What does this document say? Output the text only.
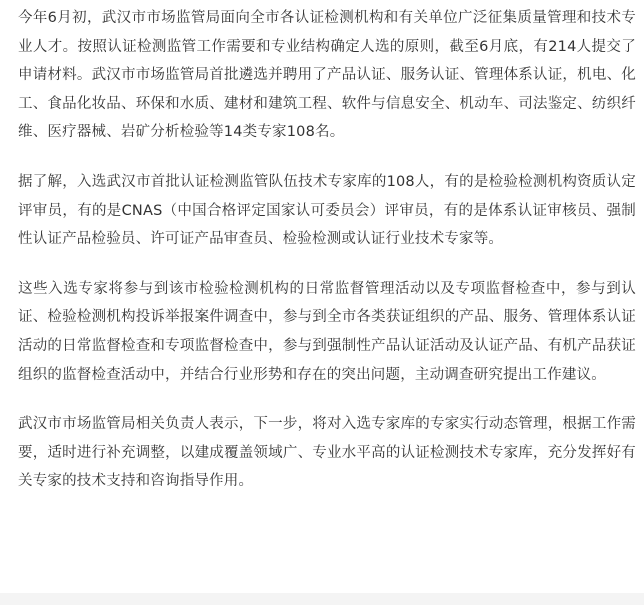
今年6月初，武汉市市场监管局面向全市各认证检测机构和有关单位广泛征集质量管理和技术专业人才。按照认证检测监管工作需要和专业结构确定人选的原则，截至6月底，有214人提交了申请材料。武汉市市场监管局首批遴选并聘用了产品认证、服务认证、管理体系认证，机电、化工、食品化妆品、环保和水质、建材和建筑工程、软件与信息安全、机动车、司法鉴定、纺织纤维、医疗器械、岩矿分析检验等14类专家108名。

据了解，入选武汉市首批认证检测监管队伍技术专家库的108人，有的是检验检测机构资质认定评审员，有的是CNAS（中国合格评定国家认可委员会）评审员，有的是体系认证审核员、强制性认证产品检验员、许可证产品审查员、检验检测或认证行业技术专家等。

这些入选专家将参与到该市检验检测机构的日常监督管理活动以及专项监督检查中，参与到认证、检验检测机构投诉举报案件调查中，参与到全市各类获证组织的产品、服务、管理体系认证活动的日常监督检查和专项监督检查中，参与到强制性产品认证活动及认证产品、有机产品获证组织的监督检查活动中，并结合行业形势和存在的突出问题，主动调查研究提出工作建议。

武汉市市场监管局相关负责人表示，下一步，将对入选专家库的专家实行动态管理，根据工作需要，适时进行补充调整，以建成覆盖领域广、专业水平高的认证检测技术专家库，充分发挥好有关专家的技术支持和咨询指导作用。
